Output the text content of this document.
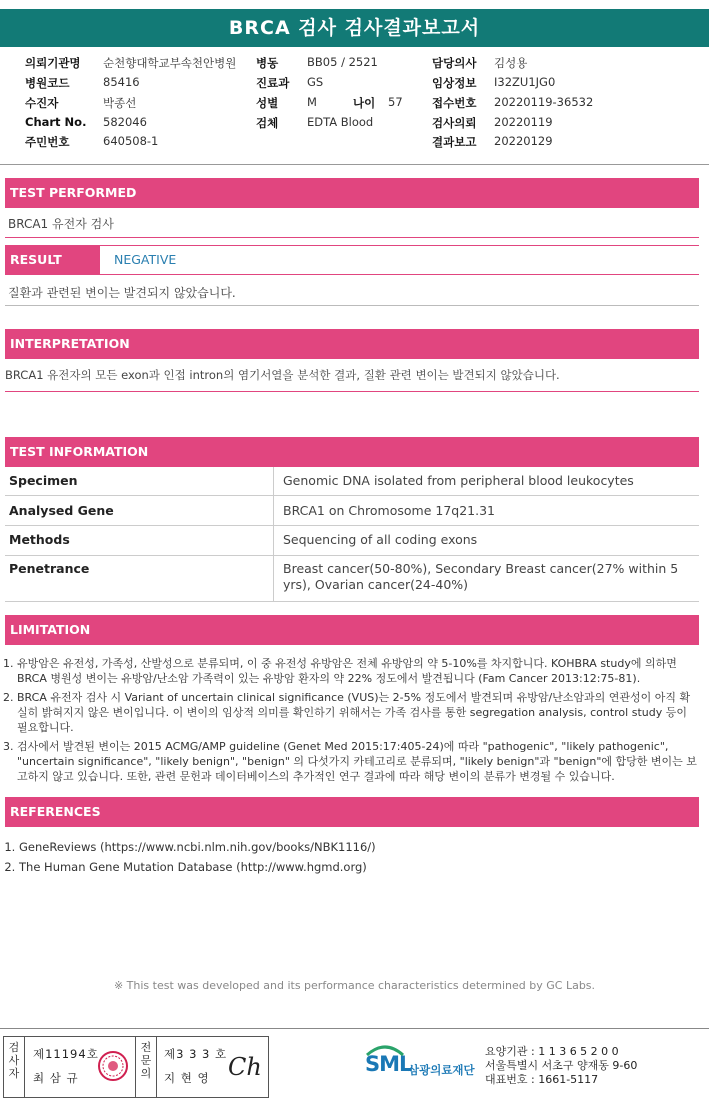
BRCA 검사 검사결과보고서
의뢰기관명 순천향대학교부속천안병원 병동	BB05 / 2521	담당의사 김성용
병원코드	85416	진료과 GS	임상정보 I32ZU1JG0
수진자	박종선	성별	M	나이 57	접수번호 20220119-36532
Chart No. 582046	검체	EDTA Blood	검사의뢰 20220119
주민번호	640508-1	결과보고 20220129
TEST PERFORMED
BRCA1 유전자 검사
RESULT	NEGATIVE
질환과 관련된 변이는 발견되지 않았습니다.
INTERPRETATION
BRCA1 유전자의 모든 exon과 인접 intron의 염기서열을 분석한 결과, 질환 관련 변이는 발견되지 않았습니다.
TEST INFORMATION
Specimen	Genomic DNA isolated from peripheral blood leukocytes
Analysed Gene	BRCA1 on Chromosome 17q21.31
Methods	Sequencing of all coding exons
Penetrance	Breast cancer(50-80%), Secondary Breast cancer(27% within 5 yrs), Ovarian cancer(24-40%)
LIMITATION
1. 유방암은 유전성, 가족성, 산발성으로 분류되며, 이 중 유전성 유방암은 전체 유방암의 약 5-10%를 차지합니다. KOHBRA study에 의하면 BRCA 병원성 변이는 유방암/난소암 가족력이 있는 유방암 환자의 약 22% 정도에서 발견됩니다 (Fam Cancer 2013:12:75-81).
2. BRCA 유전자 검사 시 Variant of uncertain clinical significance (VUS)는 2-5% 정도에서 발견되며 유방암/난소암과의 연관성이 아직 확실히 밝혀지지 않은 변이입니다. 이 변이의 임상적 의미를 확인하기 위해서는 가족 검사를 통한 segregation analysis, control study 등이 필요합니다.
3. 검사에서 발견된 변이는 2015 ACMG/AMP guideline (Genet Med 2015:17:405-24)에 따라 "pathogenic", "likely pathogenic", "uncertain significance", "likely benign", "benign" 의 다섯가지 카테고리로 분류되며, "likely benign"과 "benign"에 합당한 변이는 보고하지 않고 있습니다. 또한, 관련 문헌과 데이터베이스의 추가적인 연구 결과에 따라 해당 변이의 분류가 변경될 수 있습니다.
REFERENCES
1. GeneReviews (https://www.ncbi.nlm.nih.gov/books/NBK1116/)
2. The Human Gene Mutation Database (http://www.hgmd.org)
※ This test was developed and its performance characteristics determined by GC Labs.
검사자
제11194호
최 삼 규
전문의
제3 3 3 호
지 현 영 Ch	SML
삼광의료재단
요양기관 : 1 1 3 6 5 2 0 0
서울특별시 서초구 양재동 9-60
대표번호 : 1661-5117
